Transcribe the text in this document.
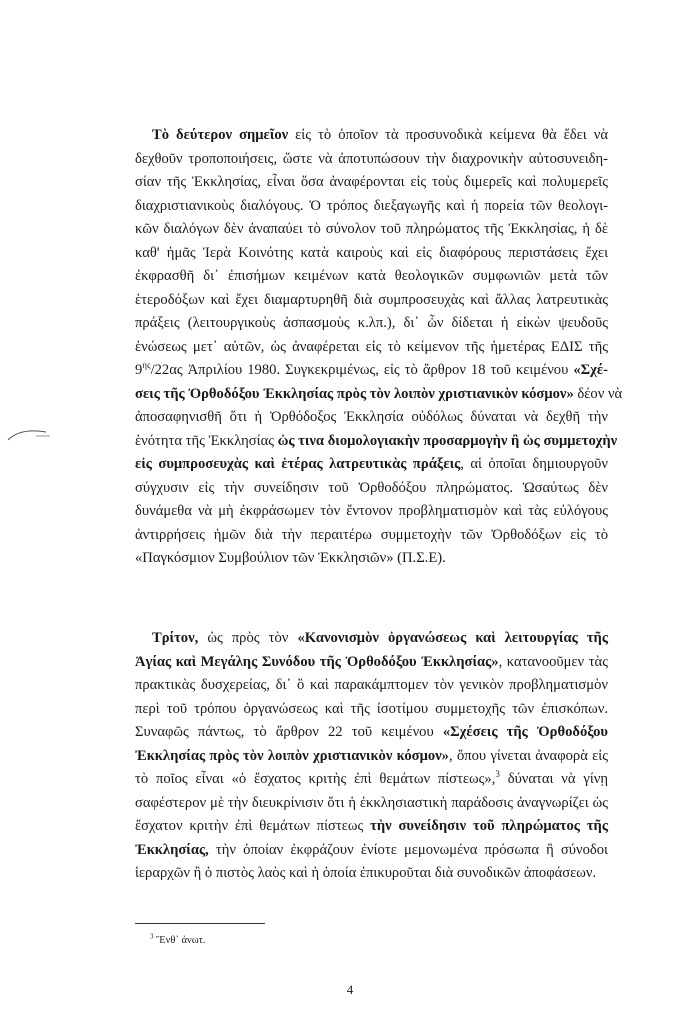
Τὸ δεύτερον σημεῖον εἰς τὸ ὁποῖον τὰ προσυνοδικὰ κείμενα θὰ ἔδει νὰ
δεχθοῦν τροποποιήσεις, ὥστε νὰ ἀποτυπώσουν τὴν διαχρονικὴν αὐτοσυνειδη-
σίαν τῆς Ἐκκλησίας, εἶναι ὅσα ἀναφέρονται εἰς τοὺς διμερεῖς καὶ πολυμερεῖς
διαχριστιανικοὺς διαλόγους. Ὁ τρόπος διεξαγωγῆς καὶ ἡ πορεία τῶν θεολογι-
κῶν διαλόγων δὲν ἀναπαύει τὸ σύνολον τοῦ πληρώματος τῆς Ἐκκλησίας, ἡ δὲ
καθ' ἡμᾶς Ἱερὰ Κοινότης κατὰ καιροὺς καὶ εἰς διαφόρους περιστάσεις ἔχει
ἐκφρασθῆ δι᾿ ἐπισήμων κειμένων κατὰ θεολογικῶν συμφωνιῶν μετὰ τῶν
ἑτεροδόξων καὶ ἔχει διαμαρτυρηθῆ διὰ συμπροσευχὰς καὶ ἄλλας λατρευτικὰς
πράξεις (λειτουργικοὺς ἀσπασμοὺς κ.λπ.), δι᾿ ὧν δίδεται ἡ εἰκὼν ψευδοῦς
ἑνώσεως μετ᾿ αὐτῶν, ὡς ἀναφέρεται εἰς τὸ κείμενον τῆς ἡμετέρας ΕΔΙΣ τῆς
$9^{\eta\varsigma}/22\alpha\varsigma$ Ἀπριλίου 1980. Συγκεκριμένως, εἰς τὸ ἄρθρον 18 τοῦ κειμένου «Σχέ-
σεις τῆς Ὀρθοδόξου Ἐκκλησίας πρὸς τὸν λοιπὸν χριστιανικὸν κόσμον» δέον νὰ
ἀποσαφηνισθῆ ὅτι ἡ Ὀρθόδοξος Ἐκκλησία οὐδόλως δύναται νὰ δεχθῆ τὴν
ἑνότητα τῆς Ἐκκλησίας ὡς τινα διομολογιακὴν προσαρμογὴν ἢ ὡς συμμετοχὴν
εἰς συμπροσευχὰς καὶ ἑτέρας λατρευτικὰς πράξεις, αἱ ὁποῖαι δημιουργοῦν
σύγχυσιν εἰς τὴν συνείδησιν τοῦ Ὀρθοδόξου πληρώματος. Ὡσαύτως δὲν
δυνάμεθα νὰ μὴ ἐκφράσωμεν τὸν ἔντονον προβληματισμὸν καὶ τὰς εὐλόγους
ἀντιρρήσεις ἡμῶν διὰ τὴν περαιτέρω συμμετοχὴν τῶν Ὀρθοδόξων εἰς τὸ
«Παγκόσμιον Συμβούλιον τῶν Ἐκκλησιῶν» (Π.Σ.Ε).
Τρίτον, ὡς πρὸς τὸν «Κανονισμὸν ὀργανώσεως καὶ λειτουργίας τῆς
Ἁγίας καὶ Μεγάλης Συνόδου τῆς Ὀρθοδόξου Ἐκκλησίας», κατανοοῦμεν τὰς
πρακτικὰς δυσχερείας, δι᾿ ὃ καὶ παρακάμπτομεν τὸν γενικὸν προβληματισμὸν
περὶ τοῦ τρόπου ὀργανώσεως καὶ τῆς ἰσοτίμου συμμετοχῆς τῶν ἐπισκόπων.
Συναφῶς πάντως, τὸ ἄρθρον 22 τοῦ κειμένου «Σχέσεις τῆς Ὀρθοδόξου
Ἐκκλησίας πρὸς τὸν λοιπὸν χριστιανικὸν κόσμον», ὅπου γίνεται ἀναφορὰ εἰς
τὸ ποῖος εἶναι «ὁ ἔσχατος κριτὴς ἐπὶ θεμάτων πίστεως»,$^3$ δύναται νὰ γίνῃ
σαφέστερον μὲ τὴν διευκρίνισιν ὅτι ἡ ἐκκλησιαστικὴ παράδοσις ἀναγνωρίζει ὡς
ἔσχατον κριτὴν ἐπὶ θεμάτων πίστεως τὴν συνείδησιν τοῦ πληρώματος τῆς
Ἐκκλησίας, τὴν ὁποίαν ἐκφράζουν ἐνίοτε μεμονωμένα πρόσωπα ἢ σύνοδοι
ἱεραρχῶν ἢ ὁ πιστὸς λαὸς καὶ ἡ ὁποία ἐπικυροῦται διὰ συνοδικῶν ἀποφάσεων.
$^3$ Ἔνθ᾿ ἀνωτ.
4
